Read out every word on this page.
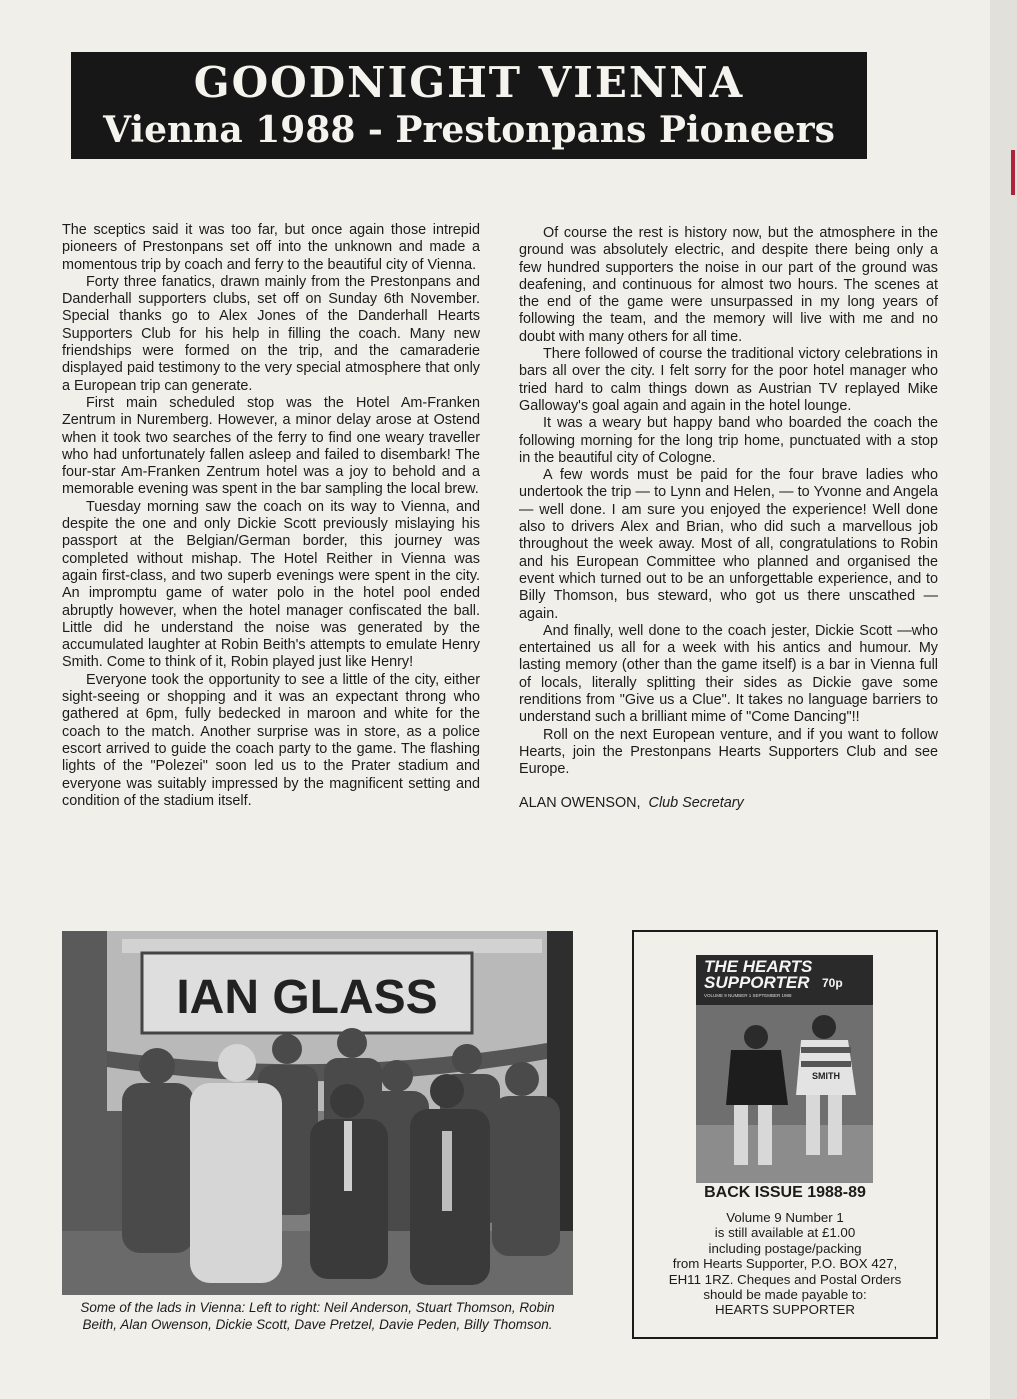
GOODNIGHT VIENNA
Vienna 1988 - Prestonpans Pioneers

The sceptics said it was too far, but once again those intrepid pioneers of Prestonpans set off into the unknown and made a momentous trip by coach and ferry to the beautiful city of Vienna.

Forty three fanatics, drawn mainly from the Prestonpans and Danderhall supporters clubs, set off on Sunday 6th November. Special thanks go to Alex Jones of the Danderhall Hearts Supporters Club for his help in filling the coach. Many new friendships were formed on the trip, and the camaraderie displayed paid testimony to the very special atmosphere that only a European trip can generate.

First main scheduled stop was the Hotel Am-Franken Zentrum in Nuremberg. However, a minor delay arose at Ostend when it took two searches of the ferry to find one weary traveller who had unfortunately fallen asleep and failed to disembark! The four-star Am-Franken Zentrum hotel was a joy to behold and a memorable evening was spent in the bar sampling the local brew.

Tuesday morning saw the coach on its way to Vienna, and despite the one and only Dickie Scott previously mislaying his passport at the Belgian/German border, this journey was completed without mishap. The Hotel Reither in Vienna was again first-class, and two superb evenings were spent in the city. An impromptu game of water polo in the hotel pool ended abruptly however, when the hotel manager confiscated the ball. Little did he understand the noise was generated by the accumulated laughter at Robin Beith's attempts to emulate Henry Smith. Come to think of it, Robin played just like Henry!

Everyone took the opportunity to see a little of the city, either sight-seeing or shopping and it was an expectant throng who gathered at 6pm, fully bedecked in maroon and white for the coach to the match. Another surprise was in store, as a police escort arrived to guide the coach party to the game. The flashing lights of the "Polezei" soon led us to the Prater stadium and everyone was suitably impressed by the magnificent setting and condition of the stadium itself.

Of course the rest is history now, but the atmosphere in the ground was absolutely electric, and despite there being only a few hundred supporters the noise in our part of the ground was deafening, and continuous for almost two hours. The scenes at the end of the game were unsurpassed in my long years of following the team, and the memory will live with me and no doubt with many others for all time.

There followed of course the traditional victory celebrations in bars all over the city. I felt sorry for the poor hotel manager who tried hard to calm things down as Austrian TV replayed Mike Galloway's goal again and again in the hotel lounge.

It was a weary but happy band who boarded the coach the following morning for the long trip home, punctuated with a stop in the beautiful city of Cologne.

A few words must be paid for the four brave ladies who undertook the trip — to Lynn and Helen, — to Yvonne and Angela — well done. I am sure you enjoyed the experience! Well done also to drivers Alex and Brian, who did such a marvellous job throughout the week away. Most of all, congratulations to Robin and his European Committee who planned and organised the event which turned out to be an unforgettable experience, and to Billy Thomson, bus steward, who got us there unscathed — again.

And finally, well done to the coach jester, Dickie Scott —who entertained us all for a week with his antics and humour. My lasting memory (other than the game itself) is a bar in Vienna full of locals, literally splitting their sides as Dickie gave some renditions from "Give us a Clue". It takes no language barriers to understand such a brilliant mime of "Come Dancing"!!

Roll on the next European venture, and if you want to follow Hearts, join the Prestonpans Hearts Supporters Club and see Europe.

ALAN OWENSON, Club Secretary

IAN GLASS
Some of the lads in Vienna: Left to right: Neil Anderson, Stuart Thomson, Robin Beith, Alan Owenson, Dickie Scott, Dave Pretzel, Davie Peden, Billy Thomson.
SMITH
THE HEARTS
SUPPORTER 70p
VOLUME 9 NUMBER 1 SEPTEMBER 1988
BACK ISSUE 1988-89
Volume 9 Number 1
is still available at £1.00
including postage/packing
from Hearts Supporter, P.O. BOX 427,
EH11 1RZ. Cheques and Postal Orders
should be made payable to:
HEARTS SUPPORTER
